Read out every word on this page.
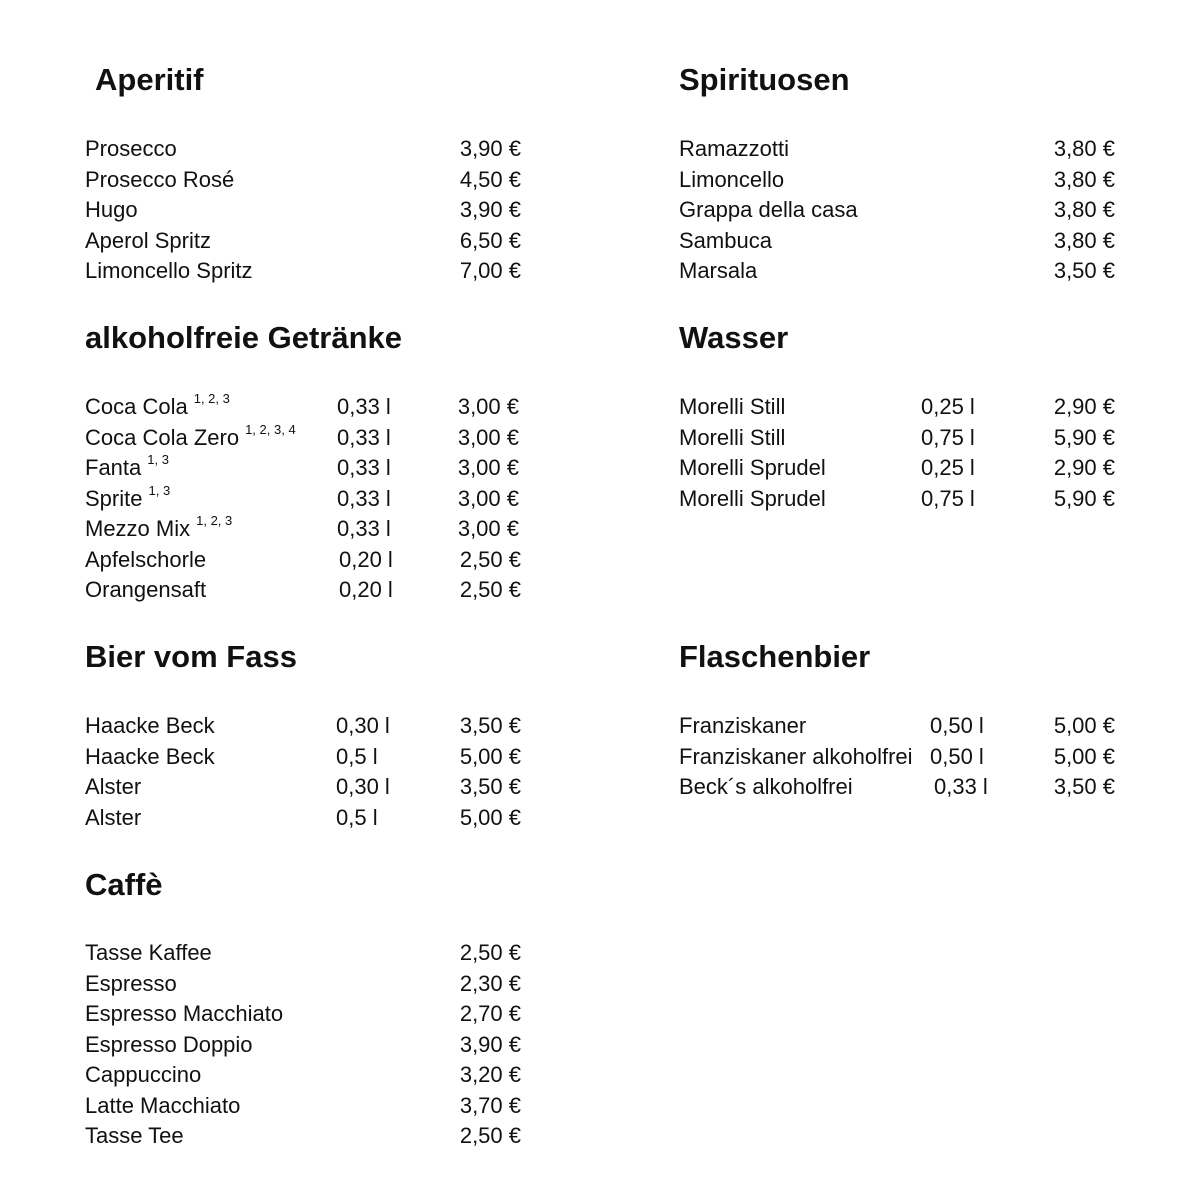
Aperitif
Prosecco	3,90 €
Prosecco Rosé	4,50 €
Hugo	3,90 €
Aperol Spritz	6,50 €
Limoncello Spritz	7,00 €
Spirituosen
Ramazzotti	3,80 €
Limoncello	3,80 €
Grappa della casa	3,80 €
Sambuca	3,80 €
Marsala	3,50 €
alkoholfreie Getränke
Coca Cola $^{1, 2, 3}$	0,33 l	3,00 €
Coca Cola Zero $^{1, 2, 3, 4}$ 0,33 l	3,00 €
Fanta $^{1, 3}$	0,33 l	3,00 €
Sprite $^{1, 3}$	0,33 l	3,00 €
Mezzo Mix $^{1, 2, 3}$	0,33 l	3,00 €
Apfelschorle	0,20 l	2,50 €
Orangensaft	0,20 l	2,50 €
Wasser
Morelli Still	0,25 l	2,90 €
Morelli Still	0,75 l	5,90 €
Morelli Sprudel	0,25 l	2,90 €
Morelli Sprudel	0,75 l	5,90 €
Bier vom Fass
Haacke Beck	0,30 l	3,50 €
Haacke Beck	0,5 l	5,00 €
Alster	0,30 l	3,50 €
Alster	0,5 l	5,00 €
Flaschenbier
Franziskaner	0,50 l	5,00 €
Franziskaner alkoholfrei 0,50 l	5,00 €
Beck´s alkoholfrei	0,33 l	3,50 €
Caffè
Tasse Kaffee	2,50 €
Espresso	2,30 €
Espresso Macchiato	2,70 €
Espresso Doppio	3,90 €
Cappuccino	3,20 €
Latte Macchiato	3,70 €
Tasse Tee	2,50 €
